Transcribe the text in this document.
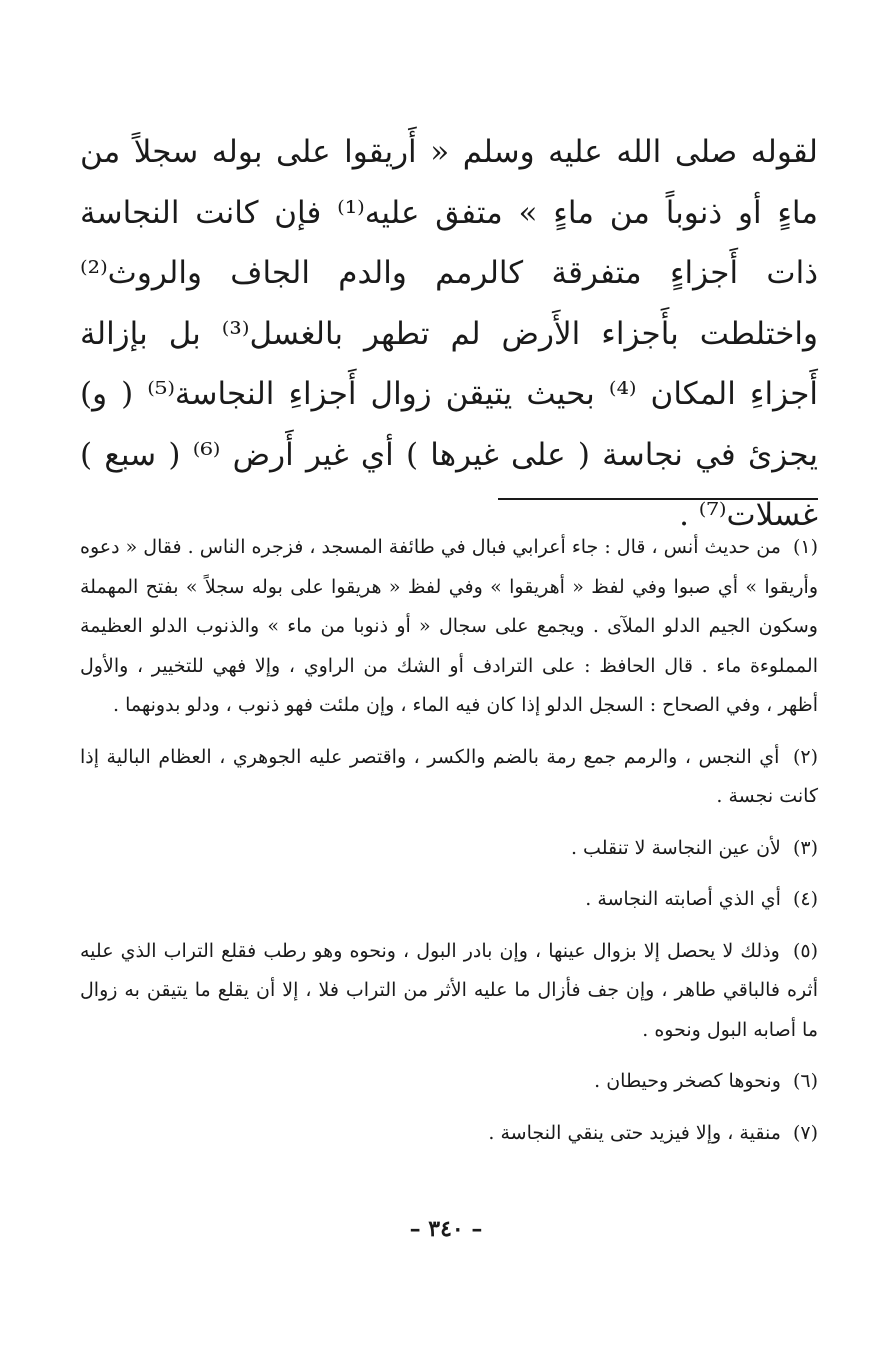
لقوله صلى الله عليه وسلم « أَريقوا على بوله سجلاً من ماءٍ أو ذنوباً من ماءٍ » متفق عليه⁽¹⁾ فإن كانت النجاسة ذات أَجزاءٍ متفرقة كالرمم والدم الجاف والروث⁽²⁾ واختلطت بأَجزاء الأَرض لم تطهر بالغسل⁽³⁾ بل بإزالة أَجزاءِ المكان ⁽⁴⁾ بحيث يتيقن زوال أَجزاءِ النجاسة⁽⁵⁾ ( و) يجزئ في نجاسة ( على غيرها ) أي غير أَرض ⁽⁶⁾ ( سبع ) غسلات⁽⁷⁾ .

(١) من حديث أنس ، قال : جاء أعرابي فبال في طائفة المسجد ، فزجره الناس . فقال « دعوه وأريقوا » أي صبوا وفي لفظ « أهريقوا » وفي لفظ « هريقوا على بوله سجلاً » بفتح المهملة وسكون الجيم الدلو الملآى . ويجمع على سجال « أو ذنوبا من ماء » والذنوب الدلو العظيمة المملوءة ماء . قال الحافظ : على الترادف أو الشك من الراوي ، وإلا فهي للتخيير ، والأول أظهر ، وفي الصحاح : السجل الدلو إذا كان فيه الماء ، وإن ملئت فهو ذنوب ، ودلو بدونهما .

(٢) أي النجس ، والرمم جمع رمة بالضم والكسر ، واقتصر عليه الجوهري ، العظام البالية إذا كانت نجسة .

(٣) لأن عين النجاسة لا تنقلب .

(٤) أي الذي أصابته النجاسة .

(٥) وذلك لا يحصل إلا بزوال عينها ، وإن بادر البول ، ونحوه وهو رطب فقلع التراب الذي عليه أثره فالباقي طاهر ، وإن جف فأزال ما عليه الأثر من التراب فلا ، إلا أن يقلع ما يتيقن به زوال ما أصابه البول ونحوه .

(٦) ونحوها كصخر وحيطان .

(٧) منقية ، وإلا فيزيد حتى ينقي النجاسة .

– ٣٤٠ –
